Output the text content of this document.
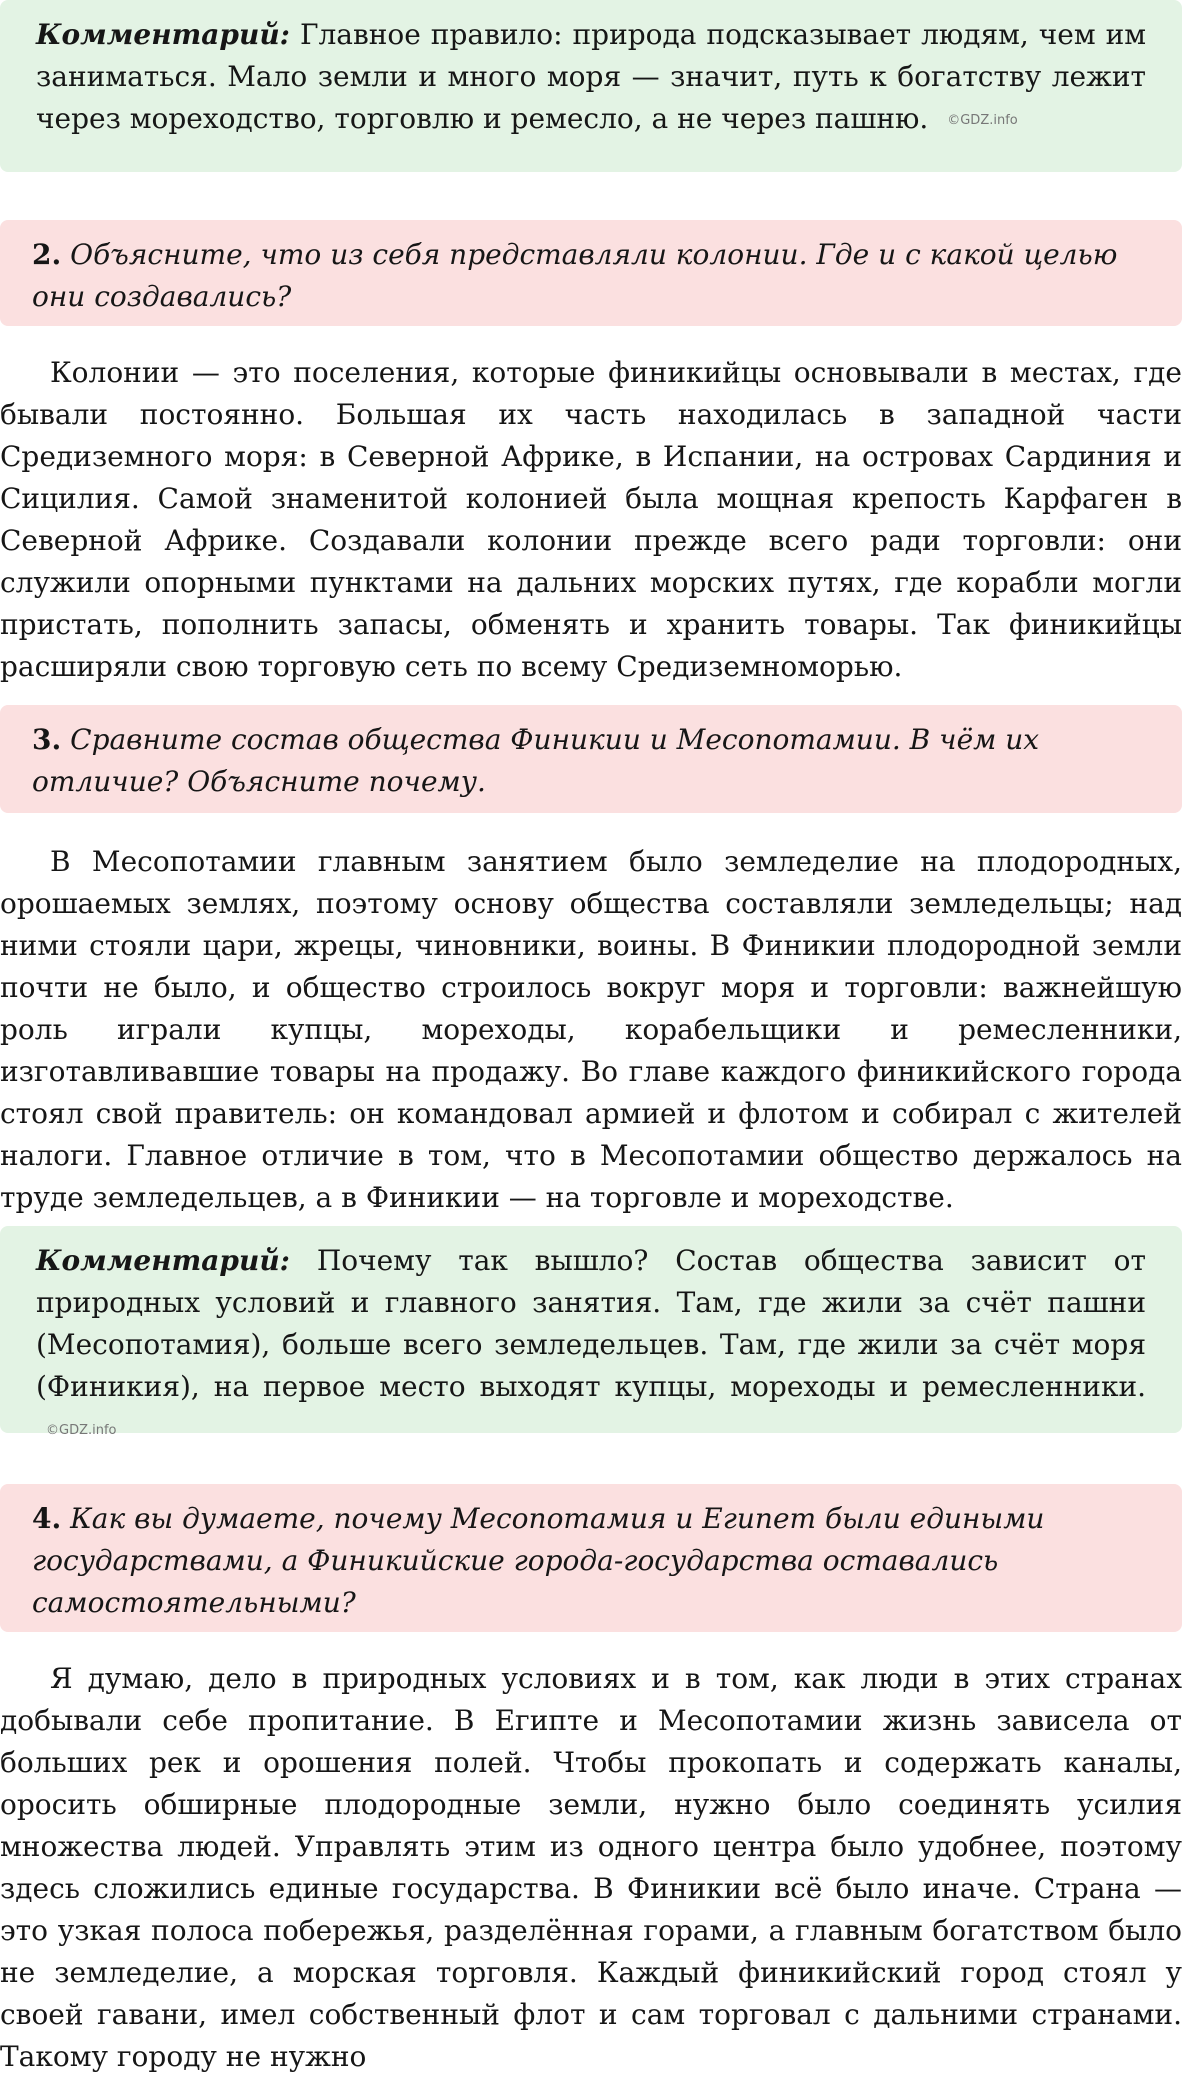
Комментарий: Главное правило: природа подсказывает людям, чем им заниматься. Мало земли и много моря — значит, путь к богатству лежит через мореходство, торговлю и ремесло, а не через пашню. ©GDZ.info
2. Объясните, что из себя представляли колонии. Где и с какой целью они создавались?

Колонии — это поселения, которые финикийцы основывали в местах, где бывали постоянно. Большая их часть находилась в западной части Средиземного моря: в Северной Африке, в Испании, на островах Сардиния и Сицилия. Самой знаменитой колонией была мощная крепость Карфаген в Северной Африке. Создавали колонии прежде всего ради торговли: они служили опорными пунктами на дальних морских путях, где корабли могли пристать, пополнить запасы, обменять и хранить товары. Так финикийцы расширяли свою торговую сеть по всему Средиземноморью.

3. Сравните состав общества Финикии и Месопотамии. В чём их отличие? Объясните почему.

В Месопотамии главным занятием было земледелие на плодородных, орошаемых землях, поэтому основу общества составляли земледельцы; над ними стояли цари, жрецы, чиновники, воины. В Финикии плодородной земли почти не было, и общество строилось вокруг моря и торговли: важнейшую роль играли купцы, мореходы, корабельщики и ремесленники, изготавливавшие товары на продажу. Во главе каждого финикийского города стоял свой правитель: он командовал армией и флотом и собирал с жителей налоги. Главное отличие в том, что в Месопотамии общество держалось на труде земледельцев, а в Финикии — на торговле и мореходстве.

Комментарий: Почему так вышло? Состав общества зависит от природных условий и главного занятия. Там, где жили за счёт пашни (Месопотамия), больше всего земледельцев. Там, где жили за счёт моря (Финикия), на первое место выходят купцы, мореходы и ремесленники. ©GDZ.info
4. Как вы думаете, почему Месопотамия и Египет были едиными государствами, а Финикийские города-государства оставались самостоятельными?

Я думаю, дело в природных условиях и в том, как люди в этих странах добывали себе пропитание. В Египте и Месопотамии жизнь зависела от больших рек и орошения полей. Чтобы прокопать и содержать каналы, оросить обширные плодородные земли, нужно было соединять усилия множества людей. Управлять этим из одного центра было удобнее, поэтому здесь сложились единые государства. В Финикии всё было иначе. Страна — это узкая полоса побережья, разделённая горами, а главным богатством было не земледелие, а морская торговля. Каждый финикийский город стоял у своей гавани, имел собственный флот и сам торговал с дальними странами. Такому городу не нужно
